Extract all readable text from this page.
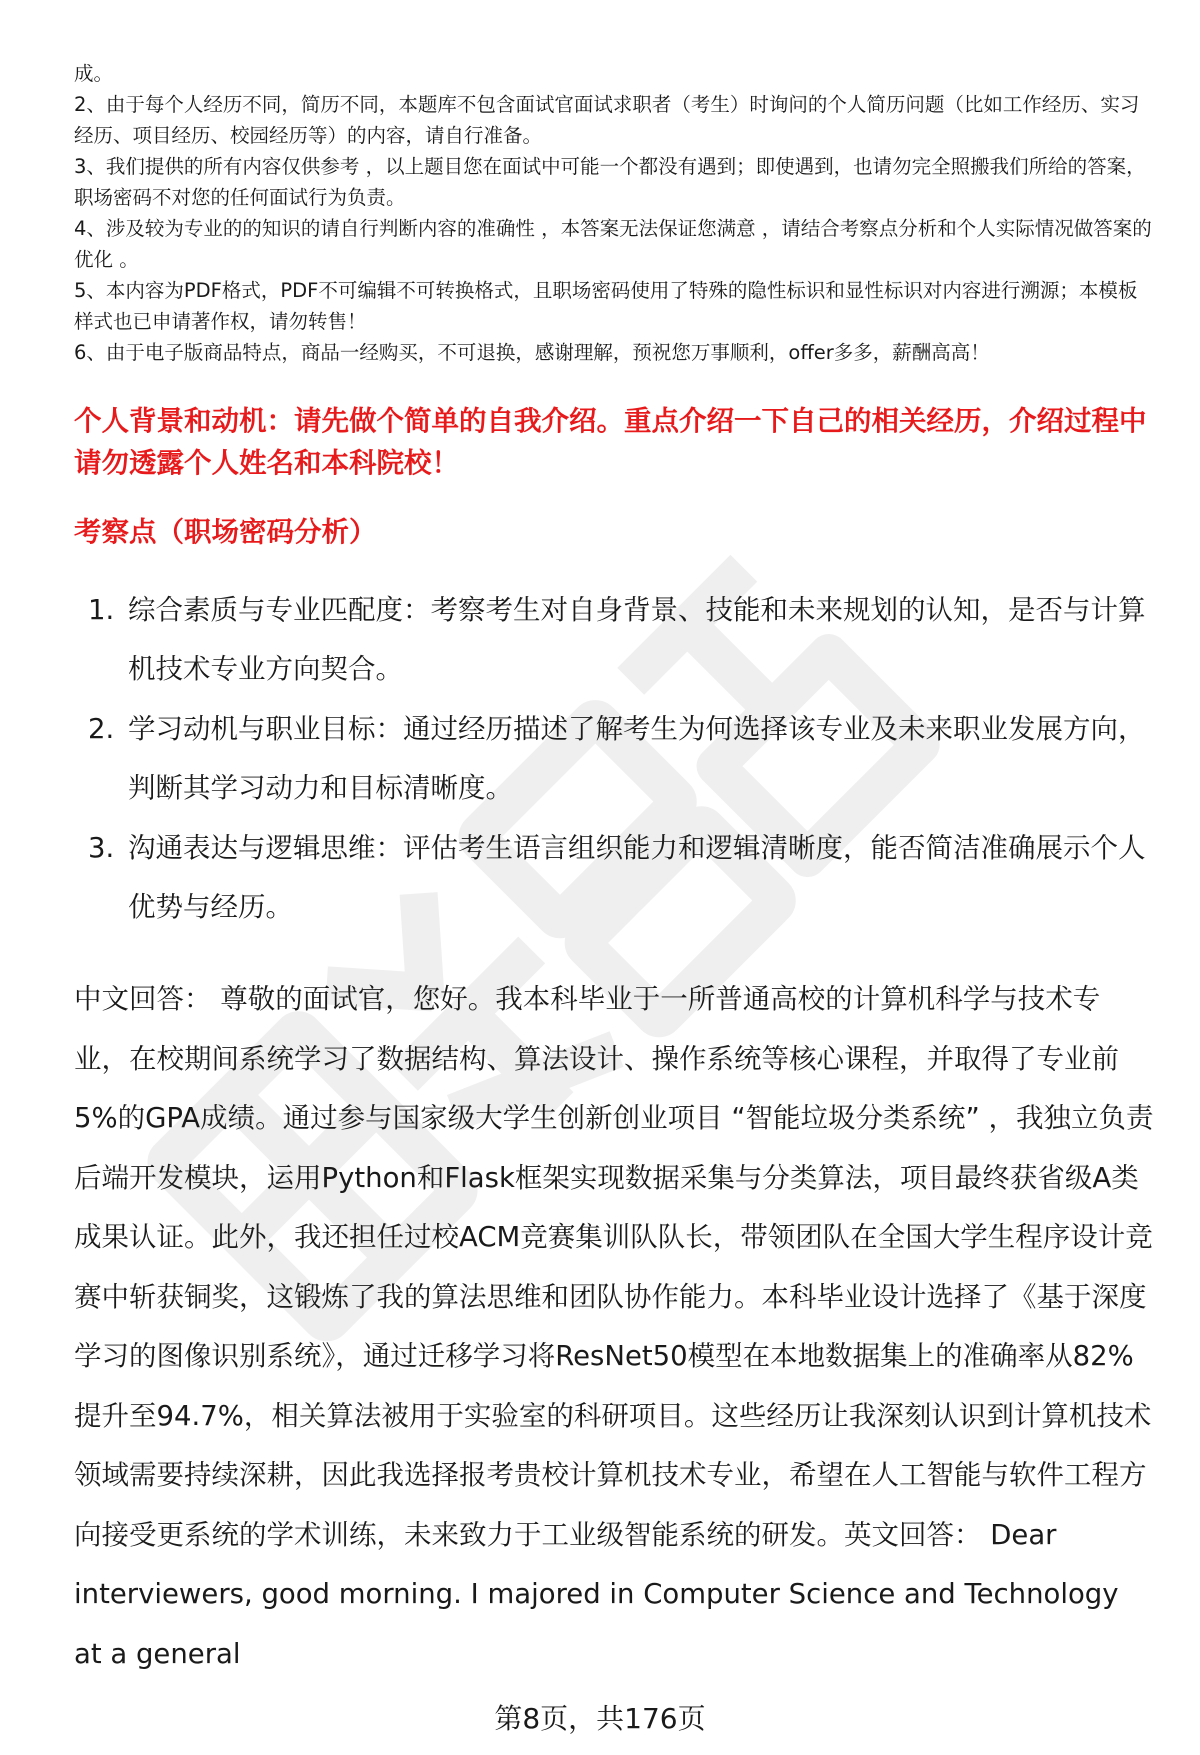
成。

2、由于每个人经历不同，简历不同，本题库不包含面试官面试求职者（考生）时询问的个人简历问题（比如工作经历、实习经历、项目经历、校园经历等）的内容，请自行准备。

3、我们提供的所有内容仅供参考 ，以上题目您在面试中可能一个都没有遇到；即使遇到，也请勿完全照搬我们所给的答案，职场密码不对您的任何面试行为负责。

4、涉及较为专业的的知识的请自行判断内容的准确性 ，本答案无法保证您满意 ，请结合考察点分析和个人实际情况做答案的优化 。

5、本内容为PDF格式，PDF不可编辑不可转换格式，且职场密码使用了特殊的隐性标识和显性标识对内容进行溯源；本模板样式也已申请著作权，请勿转售！

6、由于电子版商品特点，商品一经购买，不可退换，感谢理解，预祝您万事顺利，offer多多，薪酬高高！

个人背景和动机：请先做个简单的自我介绍。重点介绍一下自己的相关经历，介绍过程中请勿透露个人姓名和本科院校！
考察点（职场密码分析）
1. 综合素质与专业匹配度：考察考生对自身背景、技能和未来规划的认知，是否与计算机技术专业方向契合。
2. 学习动机与职业目标：通过经历描述了解考生为何选择该专业及未来职业发展方向，判断其学习动力和目标清晰度。
3. 沟通表达与逻辑思维：评估考生语言组织能力和逻辑清晰度，能否简洁准确展示个人优势与经历。

中文回答： 尊敬的面试官，您好。我本科毕业于一所普通高校的计算机科学与技术专业，在校期间系统学习了数据结构、算法设计、操作系统等核心课程，并取得了专业前5%的GPA成绩。通过参与国家级大学生创新创业项目 “智能垃圾分类系统” ，我独立负责后端开发模块，运用Python和Flask框架实现数据采集与分类算法，项目最终获省级A类成果认证。此外，我还担任过校ACM竞赛集训队队长，带领团队在全国大学生程序设计竞赛中斩获铜奖，这锻炼了我的算法思维和团队协作能力。本科毕业设计选择了《基于深度学习的图像识别系统》，通过迁移学习将ResNet50模型在本地数据集上的准确率从82%提升至94.7%，相关算法被用于实验室的科研项目。这些经历让我深刻认识到计算机技术领域需要持续深耕，因此我选择报考贵校计算机技术专业，希望在人工智能与软件工程方向接受更系统的学术训练，未来致力于工业级智能系统的研发。英文回答： Dear interviewers, good morning. I majored in Computer Science and Technology at a general

第8页，共176页
